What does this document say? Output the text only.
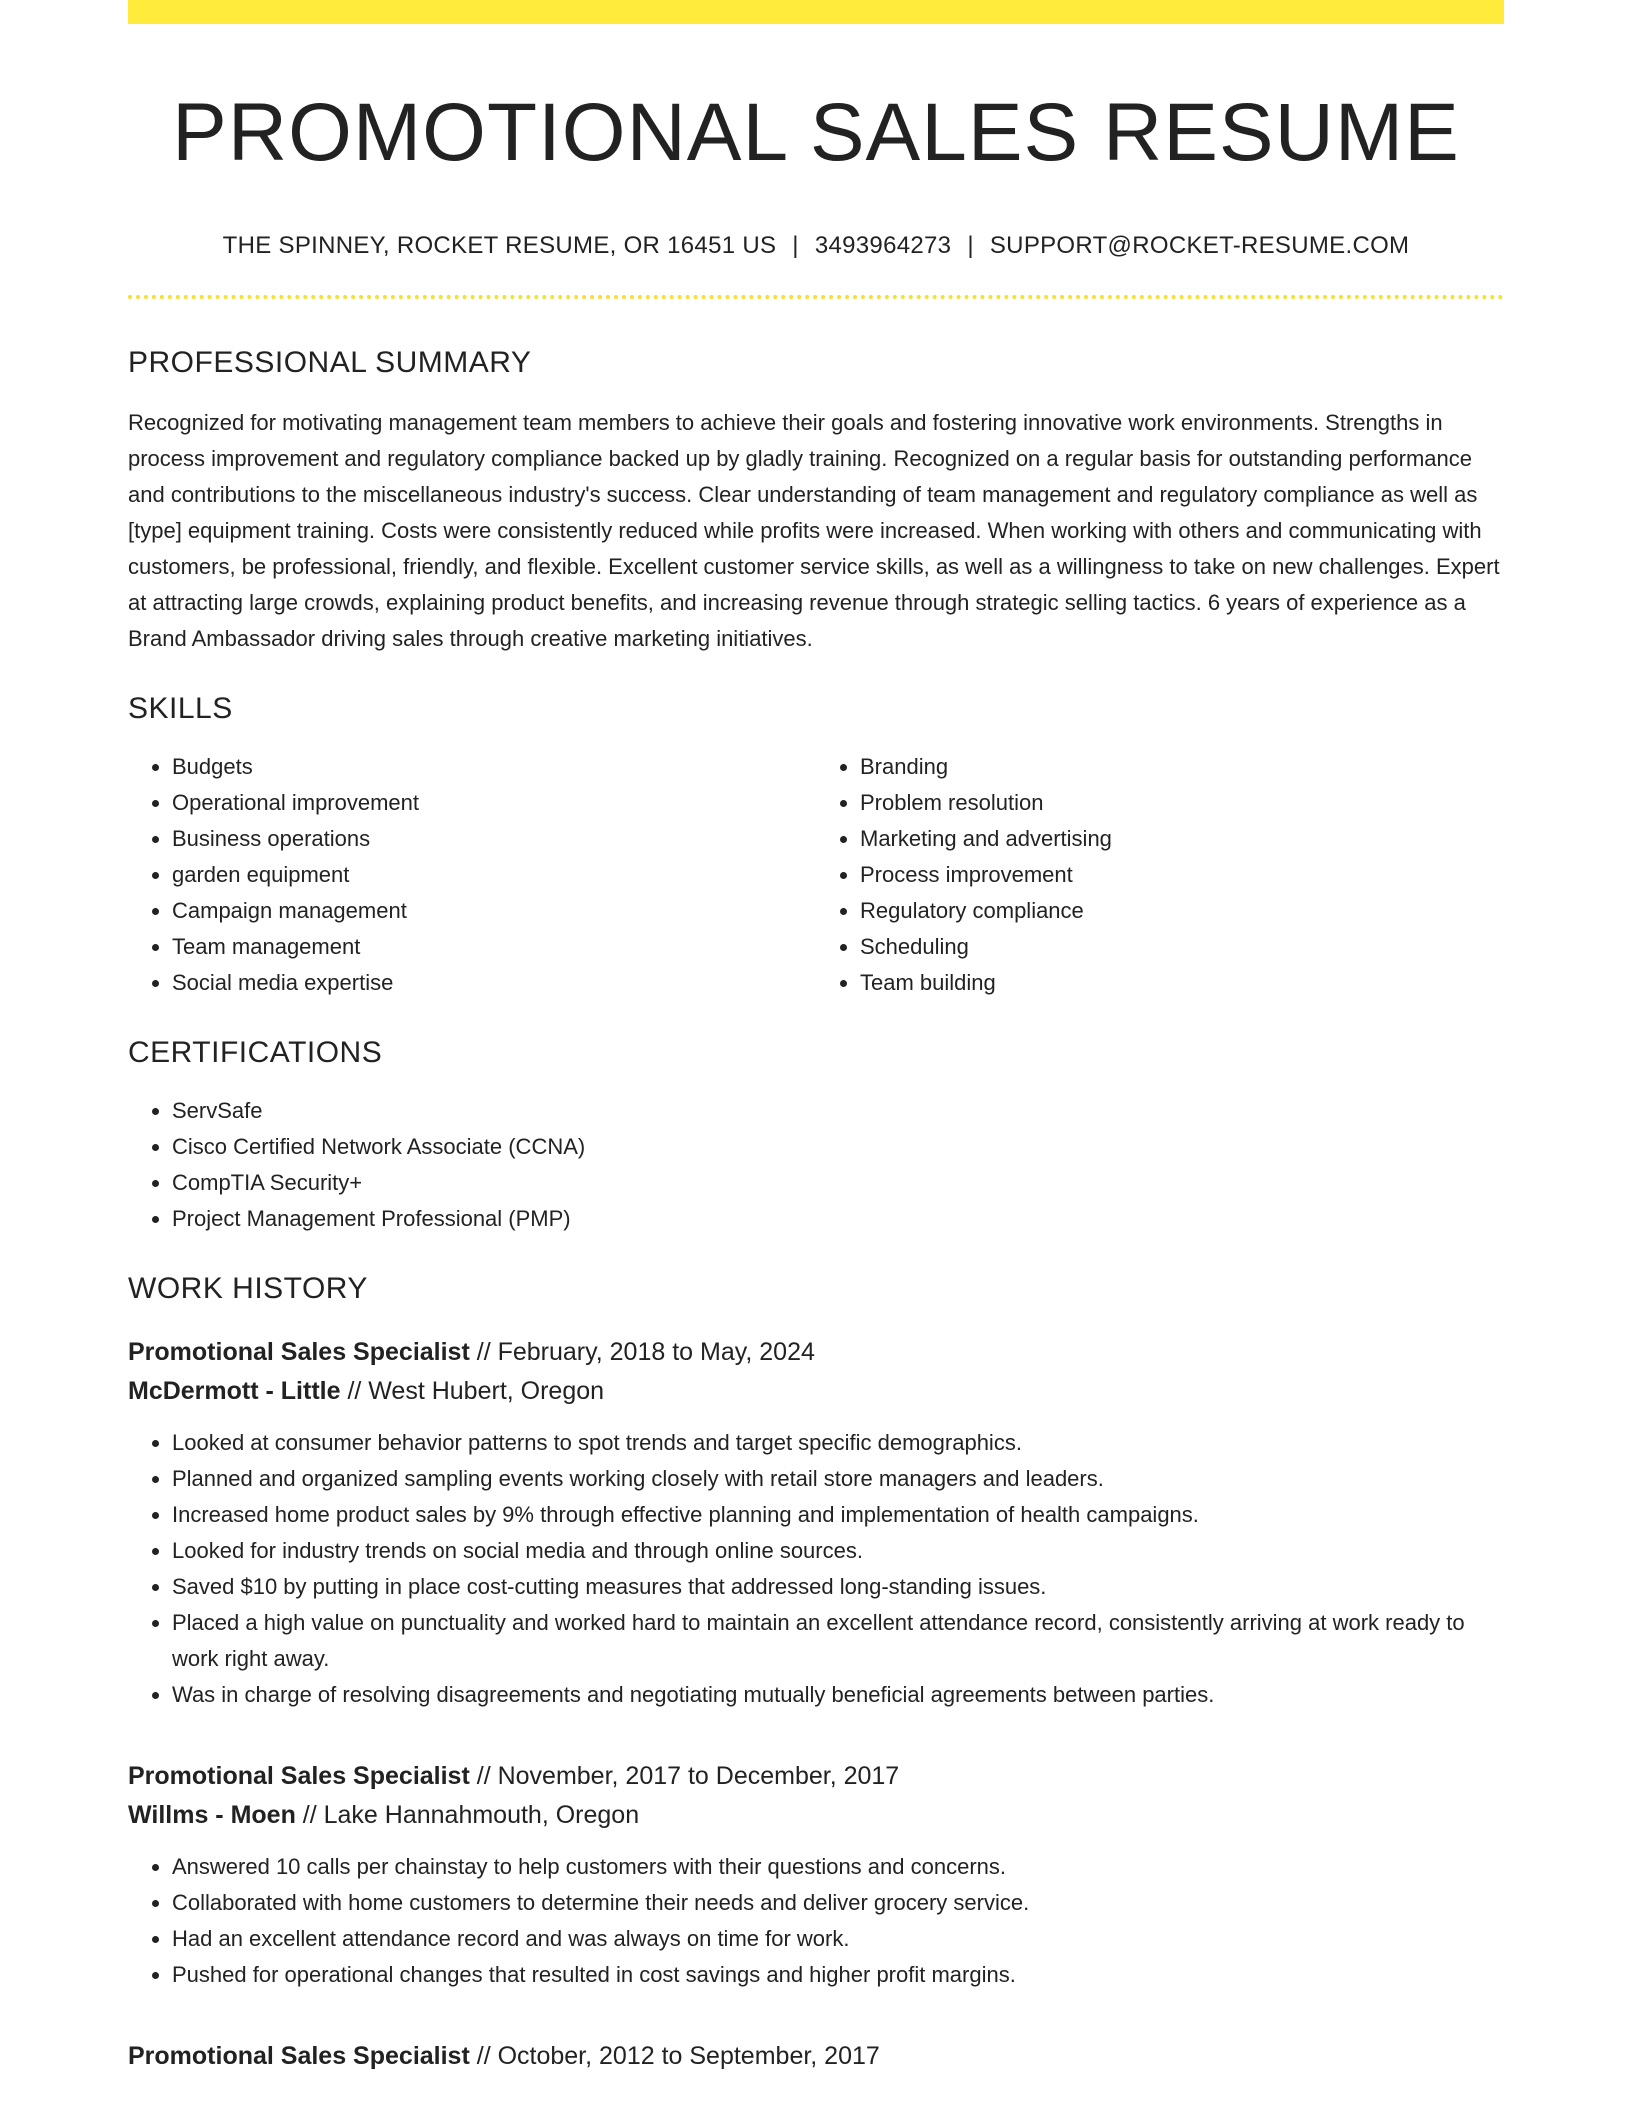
PROMOTIONAL SALES RESUME
THE SPINNEY, ROCKET RESUME, OR 16451 US | 3493964273 | SUPPORT@ROCKET-RESUME.COM
PROFESSIONAL SUMMARY

Recognized for motivating management team members to achieve their goals and fostering innovative work environments. Strengths in process improvement and regulatory compliance backed up by gladly training. Recognized on a regular basis for outstanding performance and contributions to the miscellaneous industry's success. Clear understanding of team management and regulatory compliance as well as [type] equipment training. Costs were consistently reduced while profits were increased. When working with others and communicating with customers, be professional, friendly, and flexible. Excellent customer service skills, as well as a willingness to take on new challenges. Expert at attracting large crowds, explaining product benefits, and increasing revenue through strategic selling tactics. 6 years of experience as a Brand Ambassador driving sales through creative marketing initiatives.

SKILLS
• Budgets
• Operational improvement
• Business operations
• garden equipment
• Campaign management
• Team management
• Social media expertise
• Branding
• Problem resolution
• Marketing and advertising
• Process improvement
• Regulatory compliance
• Scheduling
• Team building
CERTIFICATIONS
• ServSafe
• Cisco Certified Network Associate (CCNA)
• CompTIA Security+
• Project Management Professional (PMP)
WORK HISTORY
Promotional Sales Specialist // February, 2018 to May, 2024
McDermott - Little // West Hubert, Oregon
• Looked at consumer behavior patterns to spot trends and target specific demographics.
• Planned and organized sampling events working closely with retail store managers and leaders.
• Increased home product sales by 9% through effective planning and implementation of health campaigns.
• Looked for industry trends on social media and through online sources.
• Saved $10 by putting in place cost-cutting measures that addressed long-standing issues.
• Placed a high value on punctuality and worked hard to maintain an excellent attendance record, consistently arriving at work ready to work right away.
• Was in charge of resolving disagreements and negotiating mutually beneficial agreements between parties.
Promotional Sales Specialist // November, 2017 to December, 2017
Willms - Moen // Lake Hannahmouth, Oregon
• Answered 10 calls per chainstay to help customers with their questions and concerns.
• Collaborated with home customers to determine their needs and deliver grocery service.
• Had an excellent attendance record and was always on time for work.
• Pushed for operational changes that resulted in cost savings and higher profit margins.
Promotional Sales Specialist // October, 2012 to September, 2017
